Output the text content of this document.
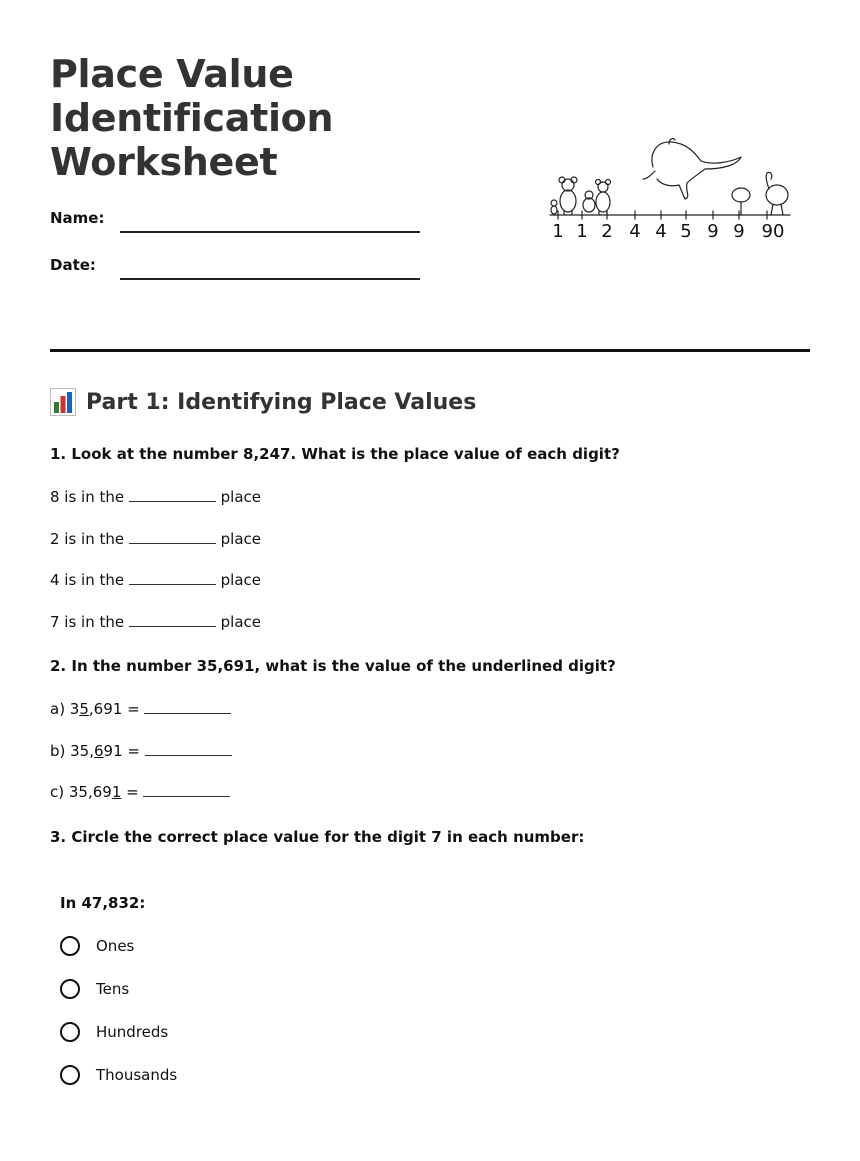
Place Value
Identification
Worksheet
Name:
Date:
1 1 2 4 4 5 9 9 90
Part 1: Identifying Place Values

1. Look at the number 8,247. What is the place value of each digit?

8 is in the	place
2 is in the	place
4 is in the	place
7 is in the	place

2. In the number 35,691, what is the value of the underlined digit?

a) 35,691 =
b) 35,691 =
c) 35,691 =

3. Circle the correct place value for the digit 7 in each number:

In 47,832:
Ones
Tens
Hundreds
Thousands
